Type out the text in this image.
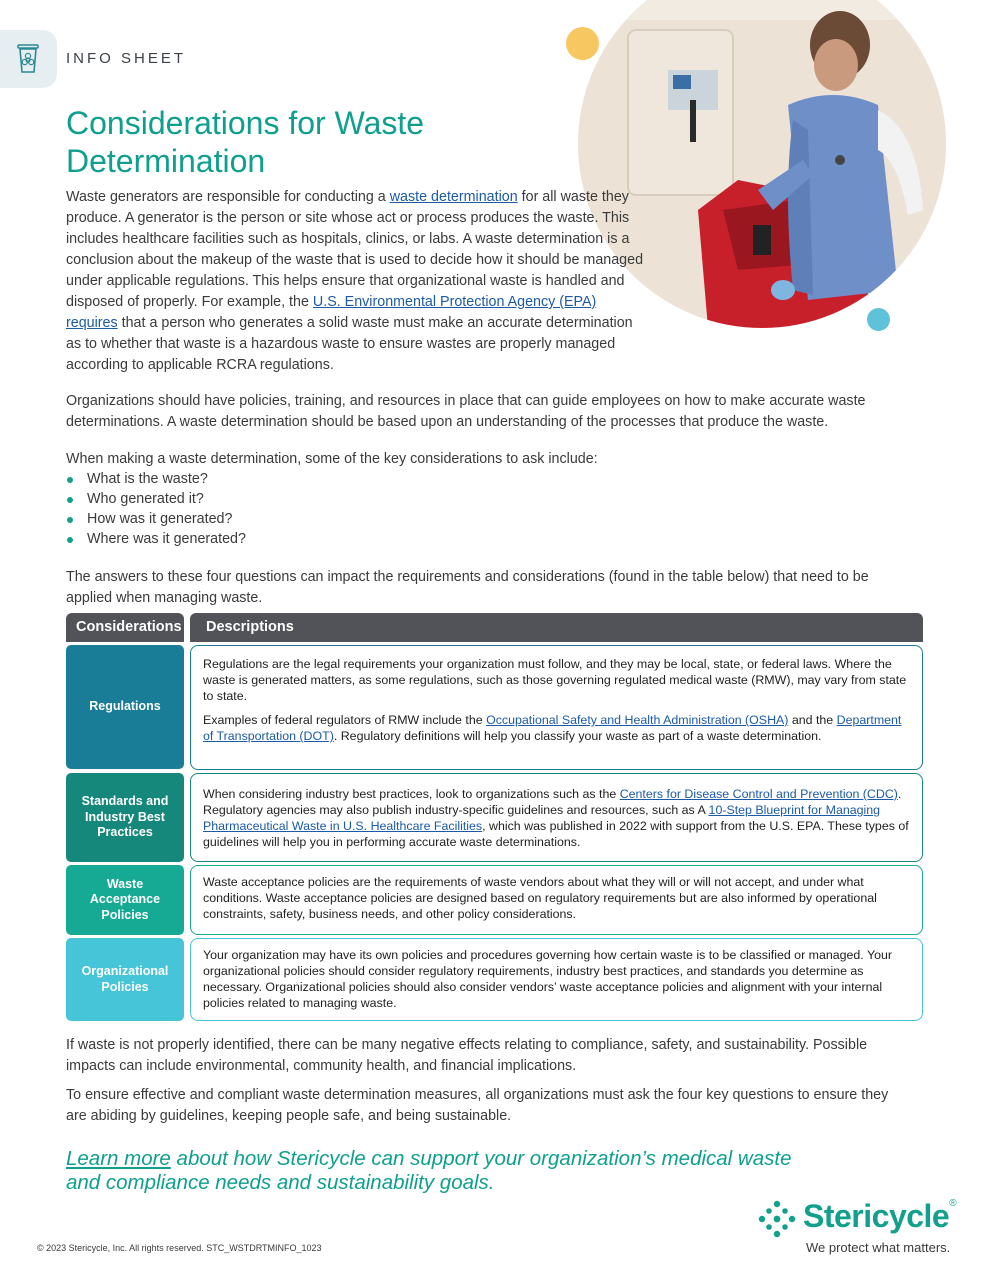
INFO SHEET
Considerations for Waste Determination

Waste generators are responsible for conducting a waste determination for all waste they produce. A generator is the person or site whose act or process produces the waste. This includes healthcare facilities such as hospitals, clinics, or labs. A waste determination is a conclusion about the makeup of the waste that is used to decide how it should be managed under applicable regulations. This helps ensure that organizational waste is handled and disposed of properly. For example, the U.S. Environmental Protection Agency (EPA) requires that a person who generates a solid waste must make an accurate determination as to whether that waste is a hazardous waste to ensure wastes are properly managed according to applicable RCRA regulations.

Organizations should have policies, training, and resources in place that can guide employees on how to make accurate waste determinations. A waste determination should be based upon an understanding of the processes that produce the waste.

When making a waste determination, some of the key considerations to ask include:

What is the waste?
Who generated it?
How was it generated?
Where was it generated?

The answers to these four questions can impact the requirements and considerations (found in the table below) that need to be applied when managing waste.

Considerations	Descriptions
Regulations

Regulations are the legal requirements your organization must follow, and they may be local, state, or federal laws. Where the waste is generated matters, as some regulations, such as those governing regulated medical waste (RMW), may vary from state to state.

Examples of federal regulators of RMW include the Occupational Safety and Health Administration (OSHA) and the Department of Transportation (DOT). Regulatory definitions will help you classify your waste as part of a waste determination.

Standards and Industry Best Practices

When considering industry best practices, look to organizations such as the Centers for Disease Control and Prevention (CDC). Regulatory agencies may also publish industry-specific guidelines and resources, such as A 10-Step Blueprint for Managing Pharmaceutical Waste in U.S. Healthcare Facilities, which was published in 2022 with support from the U.S. EPA. These types of guidelines will help you in performing accurate waste determinations.

Waste Acceptance Policies
Waste acceptance policies are the requirements of waste vendors about what they will or will not accept, and under what conditions. Waste acceptance policies are designed based on regulatory requirements but are also informed by operational constraints, safety, business needs, and other policy considerations.
Organizational Policies
Your organization may have its own policies and procedures governing how certain waste is to be classified or managed. Your organizational policies should consider regulatory requirements, industry best practices, and standards you determine as necessary. Organizational policies should also consider vendors’ waste acceptance policies and alignment with your internal policies related to managing waste.

If waste is not properly identified, there can be many negative effects relating to compliance, safety, and sustainability. Possible impacts can include environmental, community health, and financial implications.

To ensure effective and compliant waste determination measures, all organizations must ask the four key questions to ensure they are abiding by guidelines, keeping people safe, and being sustainable.

Learn more about how Stericycle can support your organization’s medical waste and compliance needs and sustainability goals.

© 2023 Stericycle, Inc. All rights reserved. STC_WSTDRTMINFO_1023
Stericycle®
We protect what matters.
